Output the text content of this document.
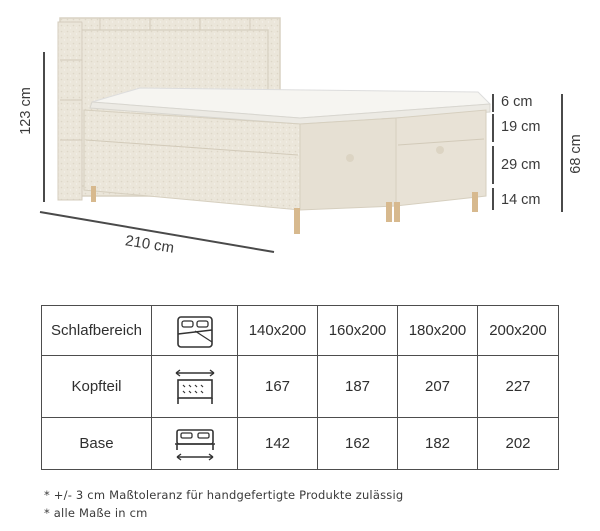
123 cm
210 cm
6 cm
19 cm
29 cm
14 cm
68 cm
Schlafbereich		140x200	160x200	180x200	200x200
Kopfteil		167	187	207	227
Base		142	162	182	202
* +/- 3 cm Maßtoleranz für handgefertigte Produkte zulässig
* alle Maße in cm
